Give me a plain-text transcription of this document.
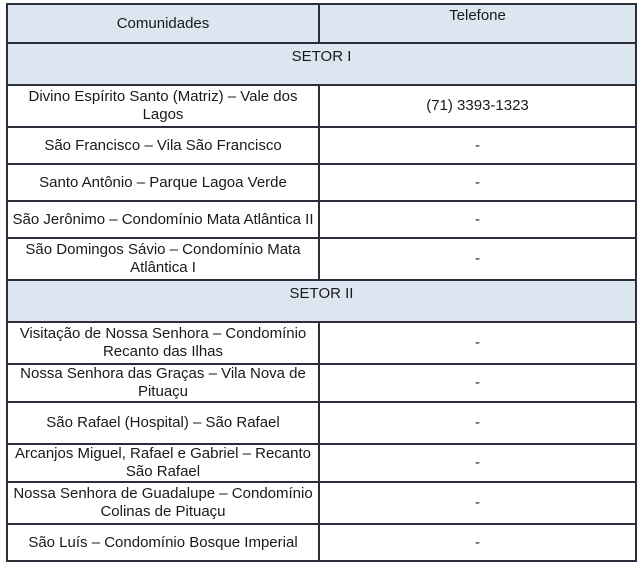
Comunidades	Telefone
SETOR I	
Divino Espírito Santo (Matriz) – Vale dos Lagos	(71) 3393-1323
São Francisco – Vila São Francisco	-
Santo Antônio – Parque Lagoa Verde	-
São Jerônimo – Condomínio Mata Atlântica II	-
São Domingos Sávio – Condomínio Mata Atlântica I	-
SETOR II	
Visitação de Nossa Senhora – Condomínio Recanto das Ilhas	-
Nossa Senhora das Graças – Vila Nova de Pituaçu	-
São Rafael (Hospital) – São Rafael	-
Arcanjos Miguel, Rafael e Gabriel – Recanto São Rafael	-
Nossa Senhora de Guadalupe – Condomínio Colinas de Pituaçu	-
São Luís – Condomínio Bosque Imperial	-
